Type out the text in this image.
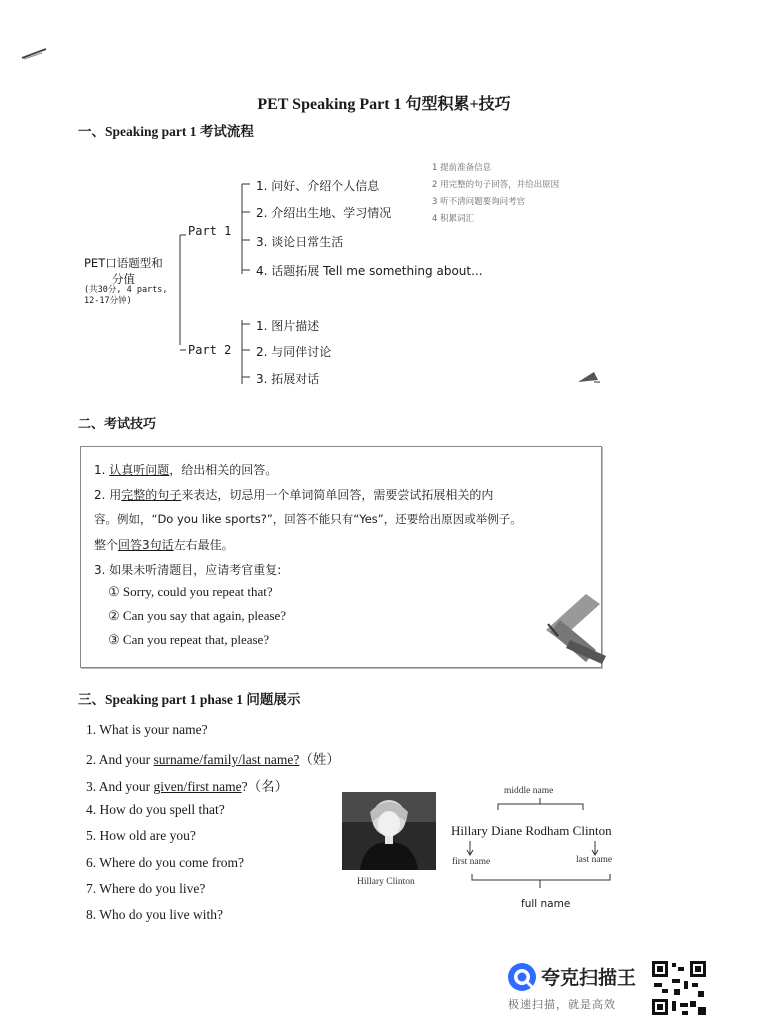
PET Speaking Part 1 句型积累+技巧
一、Speaking part 1 考试流程
PET口语题型和
分值
(共30分, 4 parts,
12-17分钟)
Part 1
Part 2
1. 问好、介绍个人信息
2. 介绍出生地、学习情况
3. 谈论日常生活
4. 话题拓展 Tell me something about...
1 提前准备信息
2 用完整的句子回答，并给出原因
3 听不清问题要询问考官
4 积累词汇
1. 图片描述
2. 与同伴讨论
3. 拓展对话
二、考试技巧
1. 认真听问题，给出相关的回答。
2. 用完整的句子来表达，切忌用一个单词简单回答，需要尝试拓展相关的内
容。例如，“Do you like sports?”，回答不能只有“Yes”，还要给出原因或举例子。
整个回答3句话左右最佳。
3. 如果未听清题目，应请考官重复:
① Sorry, could you repeat that?
② Can you say that again, please?
③ Can you repeat that, please?
三、Speaking part 1 phase 1 问题展示
1. What is your name?
2. And your surname/family/last name?（姓）
3. And your given/first name?（名）
4. How do you spell that?
5. How old are you?
6. Where do you come from?
7. Where do you live?
8. Who do you live with?
Hillary Clinton
middle name
Hillary Diane Rodham Clinton
first name	last name
full name
夸克扫描王
极速扫描，就是高效
